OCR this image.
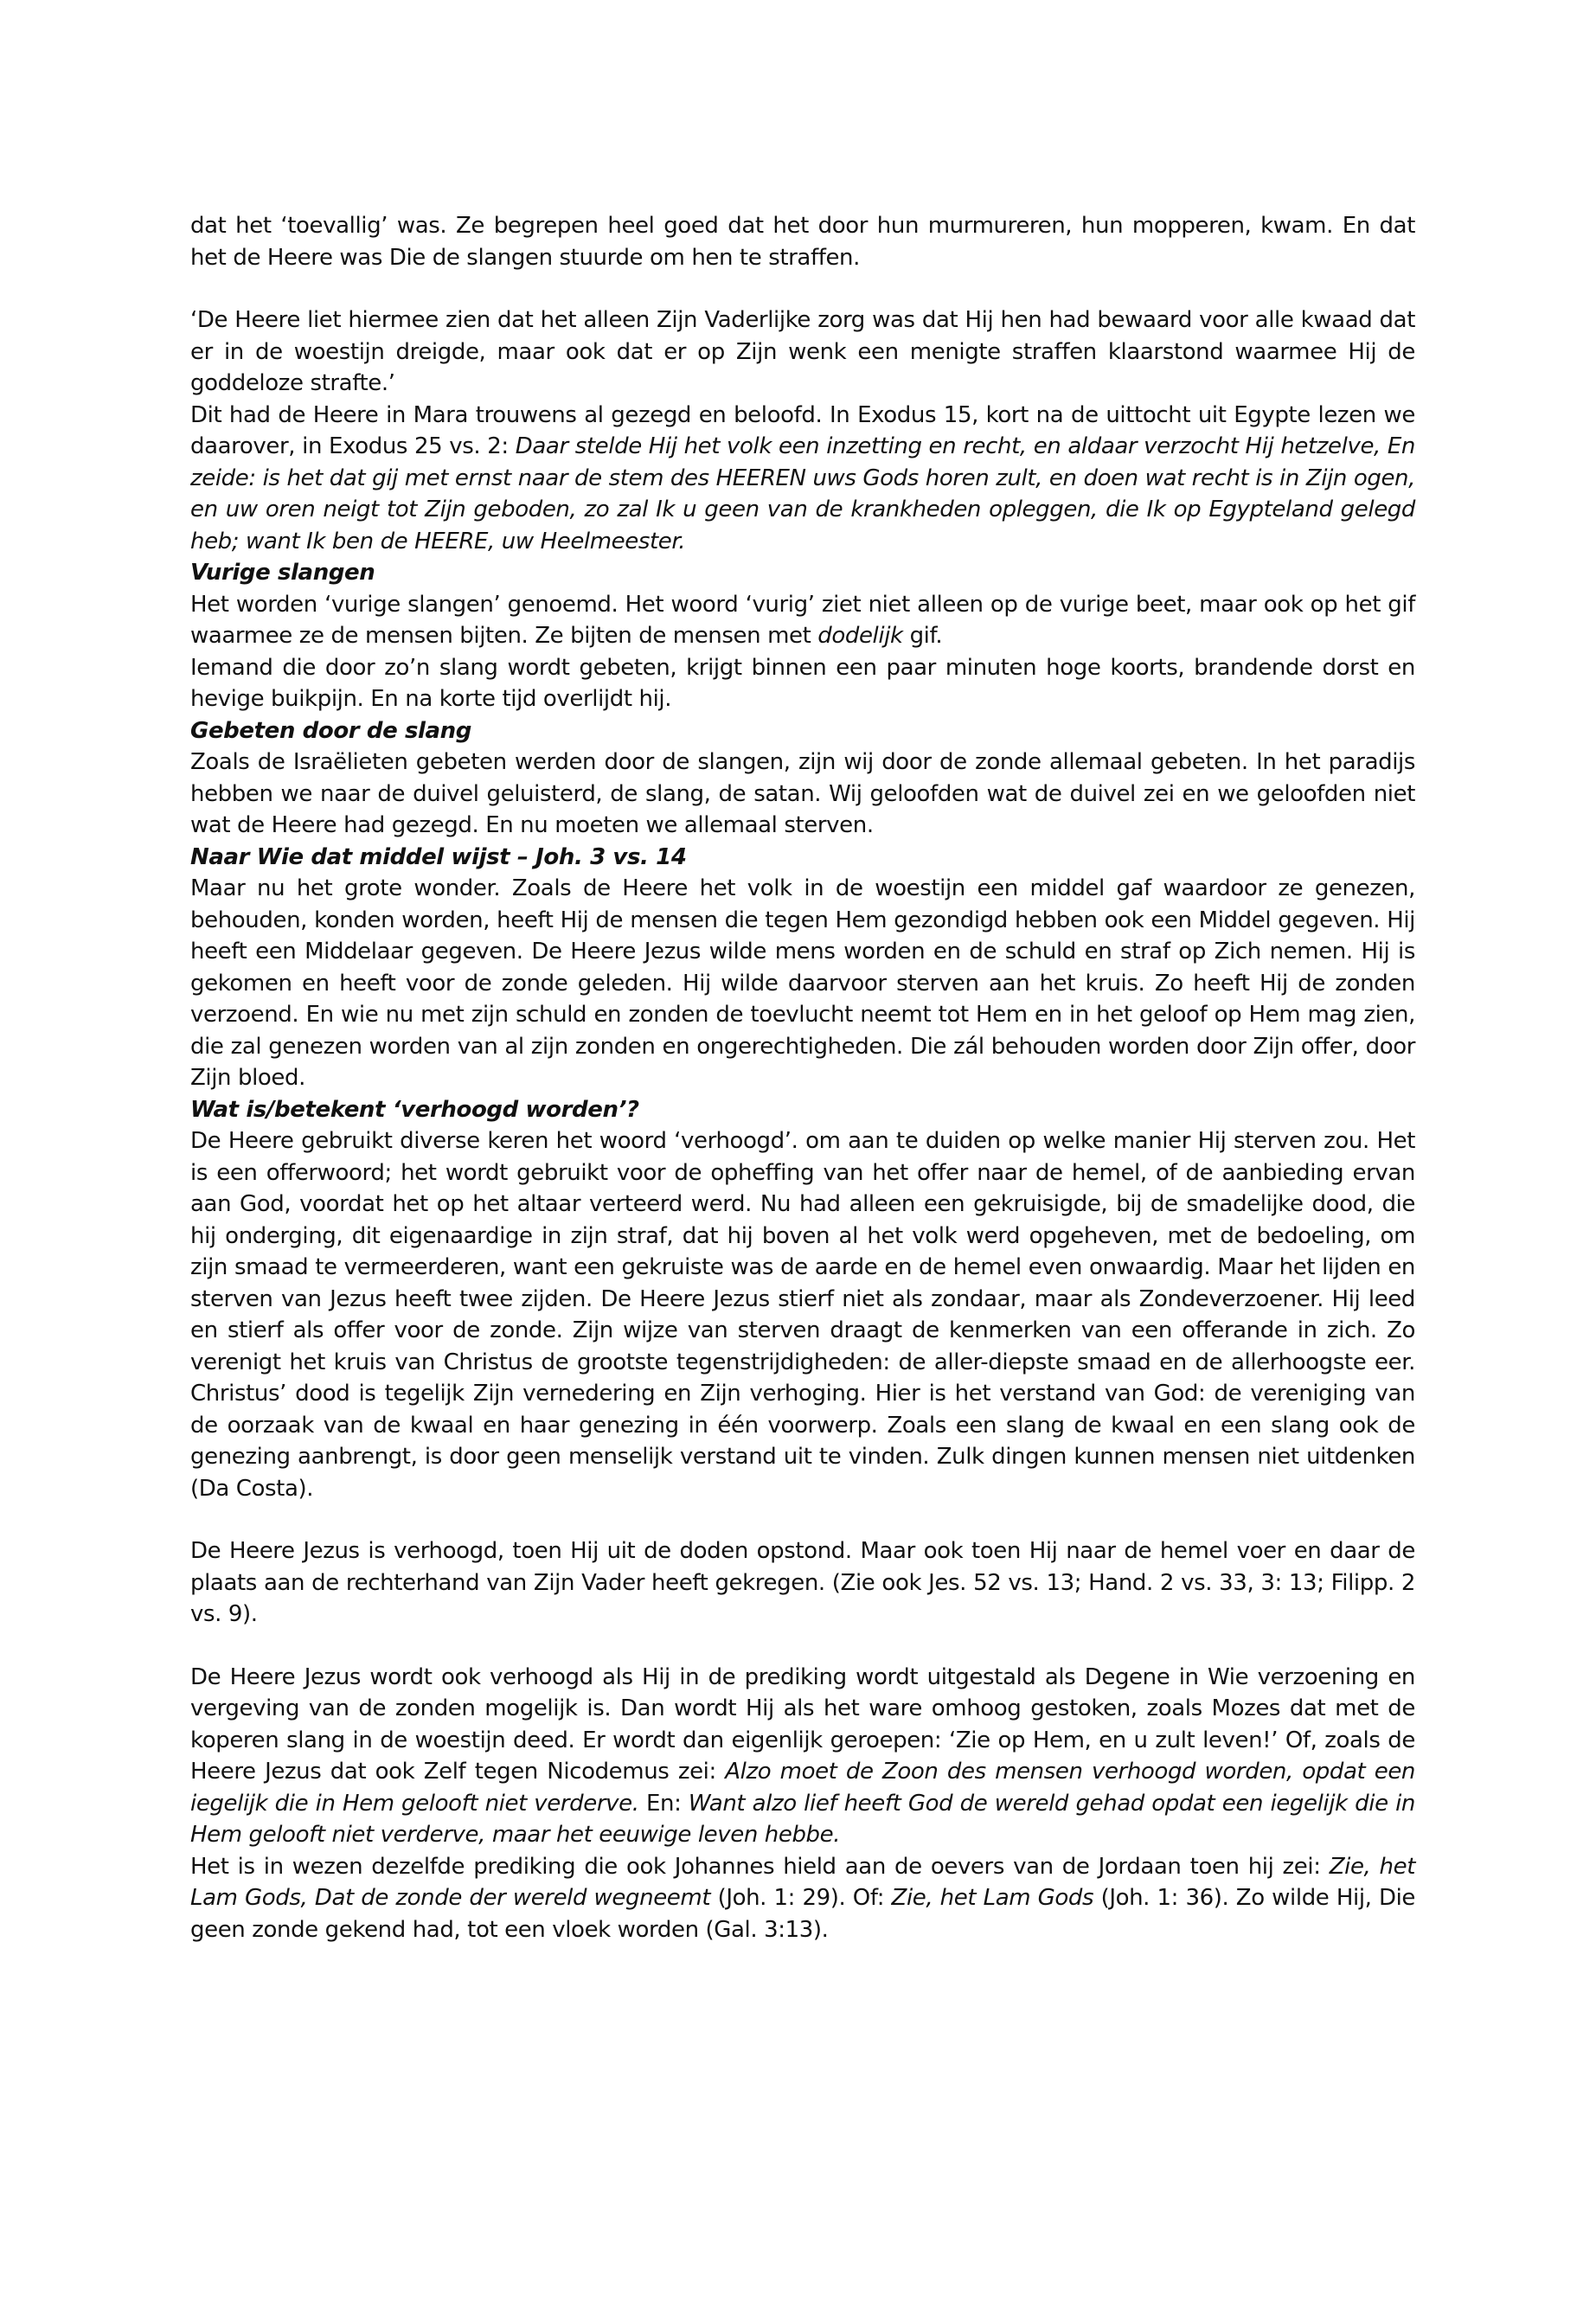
dat het ‘toevallig’ was. Ze begrepen heel goed dat het door hun murmureren, hun mopperen, kwam. En dat het de Heere was Die de slangen stuurde om hen te straffen.

‘De Heere liet hiermee zien dat het alleen Zijn Vaderlijke zorg was dat Hij hen had bewaard voor alle kwaad dat er in de woestijn dreigde, maar ook dat er op Zijn wenk een menigte straffen klaarstond waarmee Hij de goddeloze strafte.’

Dit had de Heere in Mara trouwens al gezegd en beloofd. In Exodus 15, kort na de uittocht uit Egypte lezen we daarover, in Exodus 25 vs. 2: Daar stelde Hij het volk een inzetting en recht, en aldaar verzocht Hij hetzelve, En zeide: is het dat gij met ernst naar de stem des HEEREN uws Gods horen zult, en doen wat recht is in Zijn ogen, en uw oren neigt tot Zijn geboden, zo zal Ik u geen van de krankheden opleggen, die Ik op Egypteland gelegd heb; want Ik ben de HEERE, uw Heelmeester.

Vurige slangen

Het worden ‘vurige slangen’ genoemd. Het woord ‘vurig’ ziet niet alleen op de vurige beet, maar ook op het gif waarmee ze de mensen bijten. Ze bijten de mensen met dodelijk gif.

Iemand die door zo’n slang wordt gebeten, krijgt binnen een paar minuten hoge koorts, brandende dorst en hevige buikpijn. En na korte tijd overlijdt hij.

Gebeten door de slang

Zoals de Israëlieten gebeten werden door de slangen, zijn wij door de zonde allemaal gebeten. In het paradijs hebben we naar de duivel geluisterd, de slang, de satan. Wij geloofden wat de duivel zei en we geloofden niet wat de Heere had gezegd. En nu moeten we allemaal sterven.

Naar Wie dat middel wijst – Joh. 3 vs. 14

Maar nu het grote wonder. Zoals de Heere het volk in de woestijn een middel gaf waardoor ze genezen, behouden, konden worden, heeft Hij de mensen die tegen Hem gezondigd hebben ook een Middel gegeven. Hij heeft een Middelaar gegeven. De Heere Jezus wilde mens worden en de schuld en straf op Zich nemen. Hij is gekomen en heeft voor de zonde geleden. Hij wilde daarvoor sterven aan het kruis. Zo heeft Hij de zonden verzoend. En wie nu met zijn schuld en zonden de toevlucht neemt tot Hem en in het geloof op Hem mag zien, die zal genezen worden van al zijn zonden en ongerechtigheden. Die zál behouden worden door Zijn offer, door Zijn bloed.

Wat is/betekent ‘verhoogd worden’?

De Heere gebruikt diverse keren het woord ‘verhoogd’. om aan te duiden op welke manier Hij sterven zou. Het is een offerwoord; het wordt gebruikt voor de opheffing van het offer naar de hemel, of de aanbieding ervan aan God, voordat het op het altaar verteerd werd. Nu had alleen een gekruisigde, bij de smadelijke dood, die hij onderging, dit eigenaardige in zijn straf, dat hij boven al het volk werd opgeheven, met de bedoeling, om zijn smaad te vermeerderen, want een gekruiste was de aarde en de hemel even onwaardig. Maar het lijden en sterven van Jezus heeft twee zijden. De Heere Jezus stierf niet als zondaar, maar als Zondeverzoener. Hij leed en stierf als offer voor de zonde. Zijn wijze van sterven draagt de kenmerken van een offerande in zich. Zo verenigt het kruis van Christus de grootste tegenstrijdigheden: de aller-diepste smaad en de allerhoogste eer. Christus’ dood is tegelijk Zijn vernedering en Zijn verhoging. Hier is het verstand van God: de vereniging van de oorzaak van de kwaal en haar genezing in één voorwerp. Zoals een slang de kwaal en een slang ook de genezing aanbrengt, is door geen menselijk verstand uit te vinden. Zulk dingen kunnen mensen niet uitdenken (Da Costa).

De Heere Jezus is verhoogd, toen Hij uit de doden opstond. Maar ook toen Hij naar de hemel voer en daar de plaats aan de rechterhand van Zijn Vader heeft gekregen. (Zie ook Jes. 52 vs. 13; Hand. 2 vs. 33, 3: 13; Filipp. 2 vs. 9).

De Heere Jezus wordt ook verhoogd als Hij in de prediking wordt uitgestald als Degene in Wie verzoening en vergeving van de zonden mogelijk is. Dan wordt Hij als het ware omhoog gestoken, zoals Mozes dat met de koperen slang in de woestijn deed. Er wordt dan eigenlijk geroepen: ‘Zie op Hem, en u zult leven!’ Of, zoals de Heere Jezus dat ook Zelf tegen Nicodemus zei: Alzo moet de Zoon des mensen verhoogd worden, opdat een iegelijk die in Hem gelooft niet verderve. En: Want alzo lief heeft God de wereld gehad opdat een iegelijk die in Hem gelooft niet verderve, maar het eeuwige leven hebbe.

Het is in wezen dezelfde prediking die ook Johannes hield aan de oevers van de Jordaan toen hij zei: Zie, het Lam Gods, Dat de zonde der wereld wegneemt (Joh. 1: 29). Of: Zie, het Lam Gods (Joh. 1: 36). Zo wilde Hij, Die geen zonde gekend had, tot een vloek worden (Gal. 3:13).
